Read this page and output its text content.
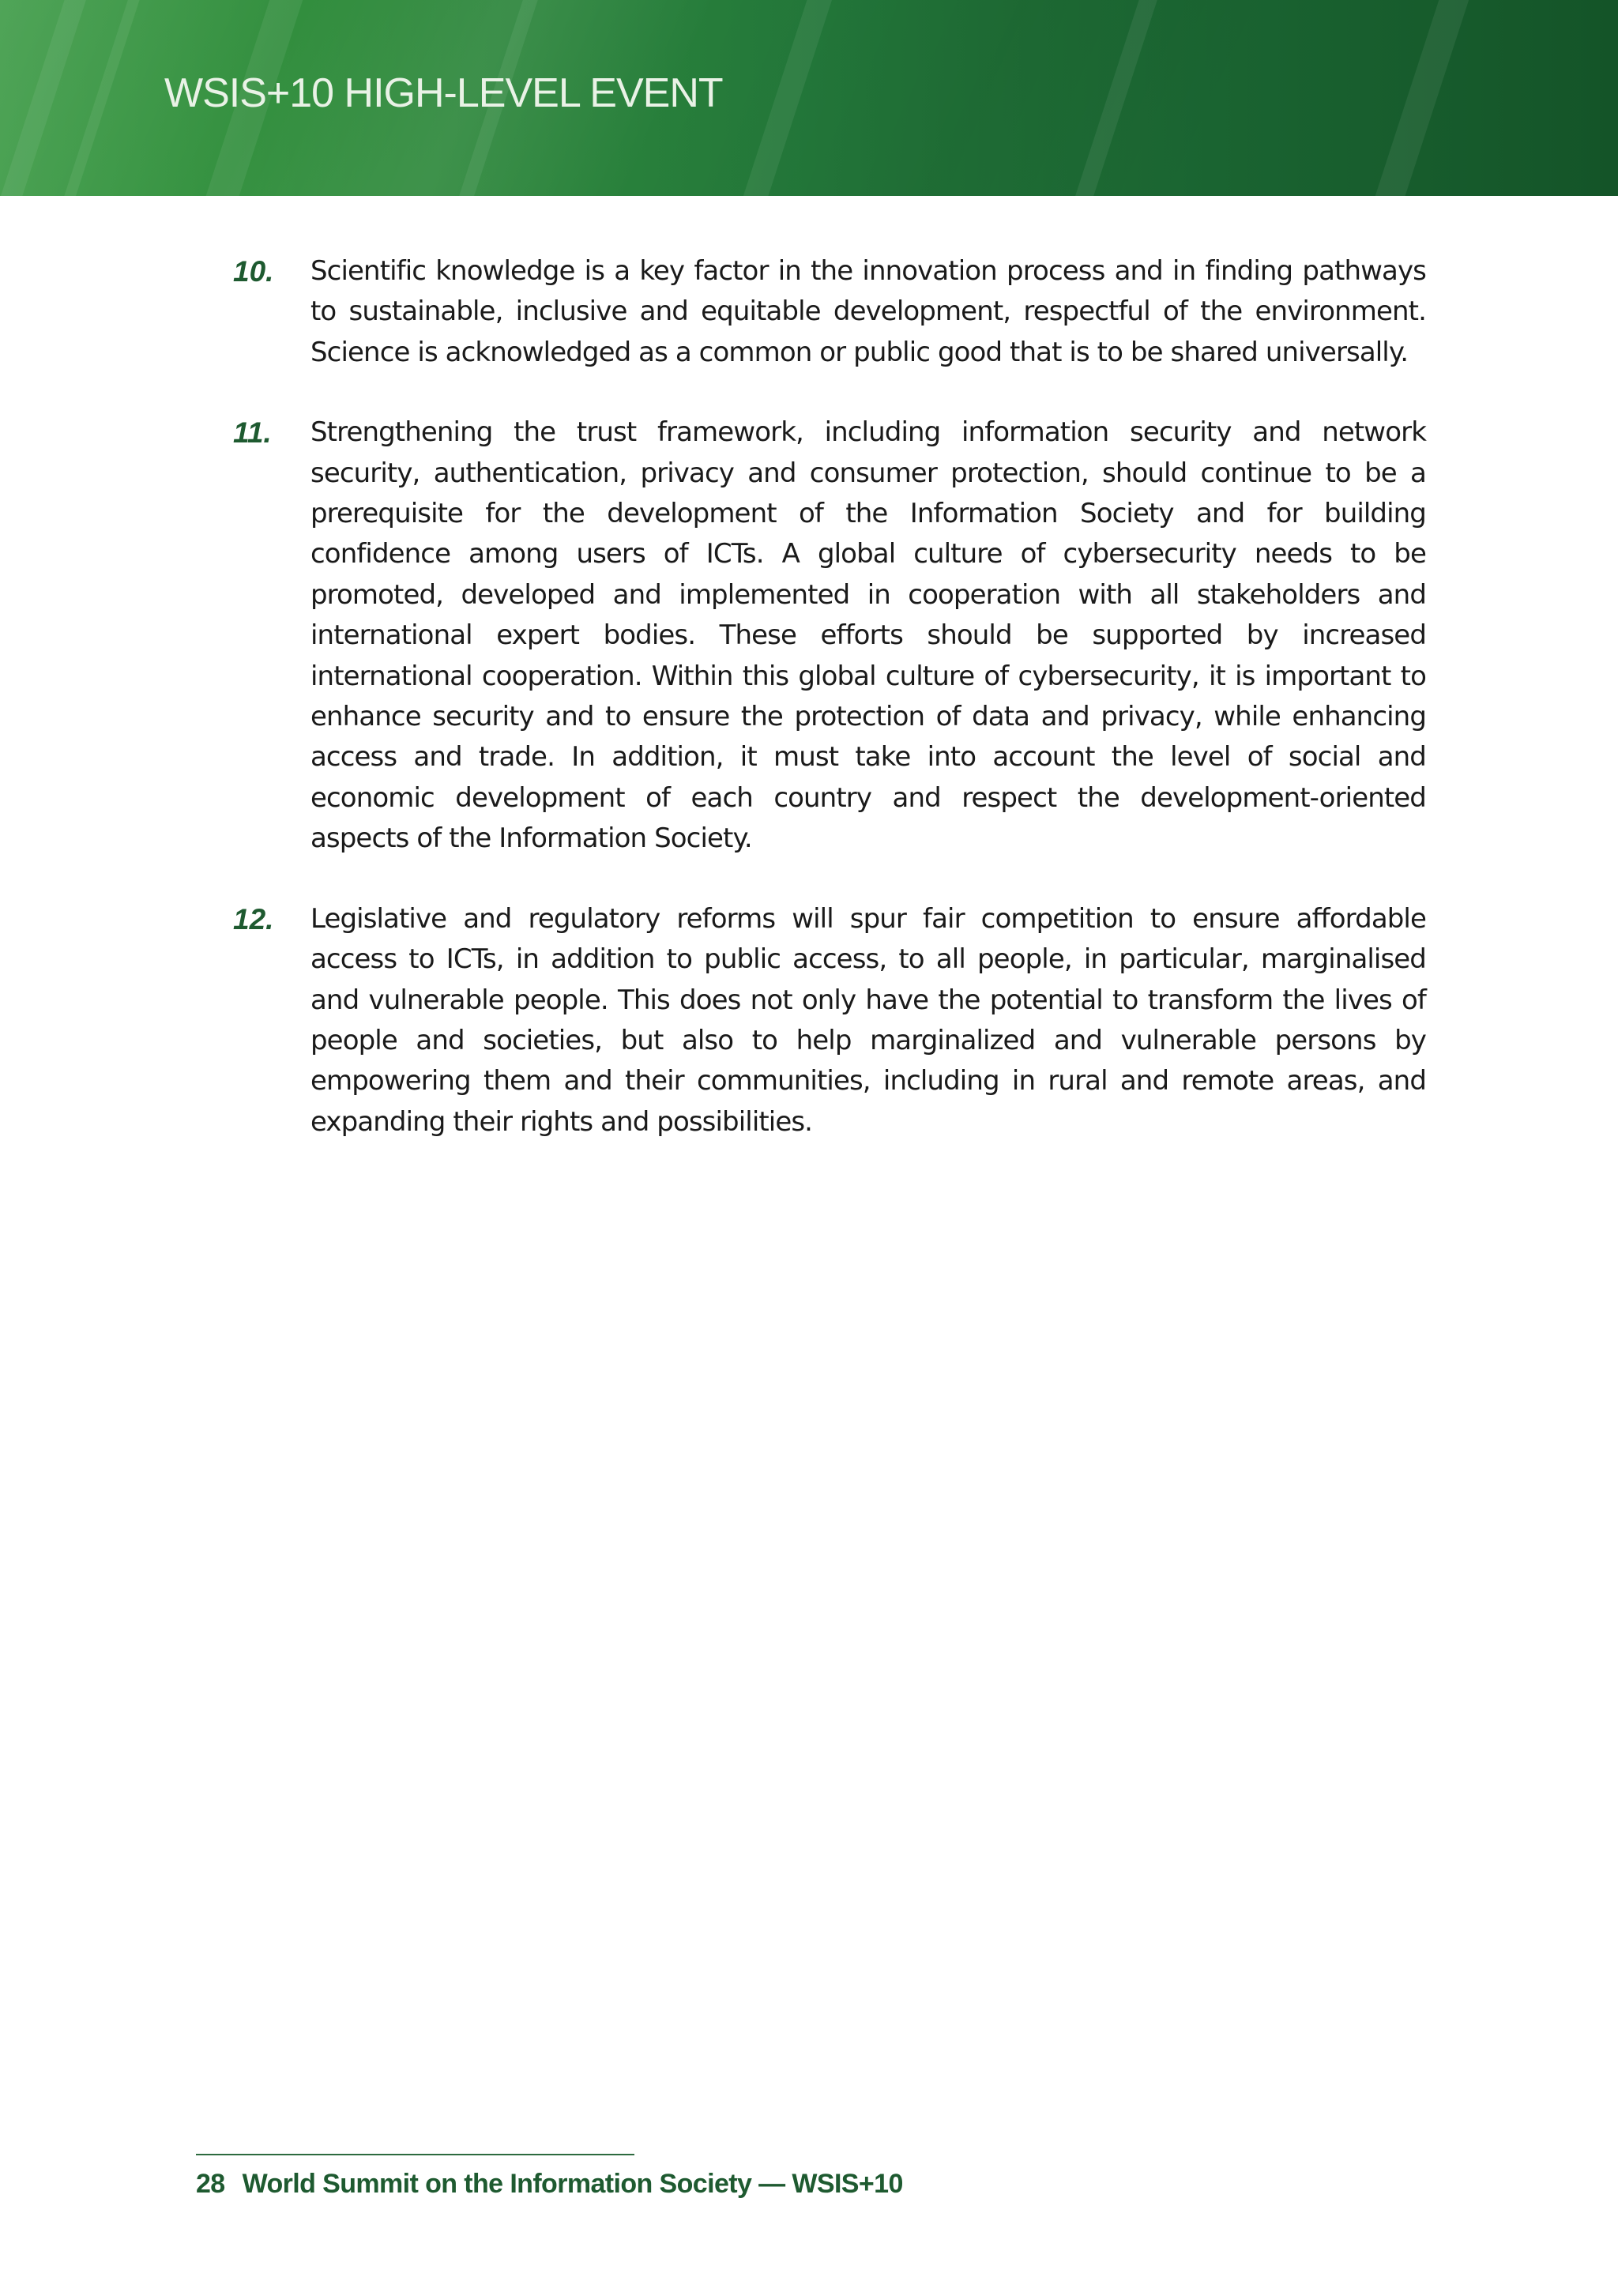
WSIS+10 HIGH-LEVEL EVENT
10. Scientific knowledge is a key factor in the innovation process and in finding pathways to sustainable, inclusive and equitable development, respectful of the environment. Science is acknowledged as a common or public good that is to be shared universally.
11. Strengthening the trust framework, including information security and network security, authentication, privacy and consumer protection, should continue to be a prerequisite for the development of the Information Society and for building confidence among users of ICTs. A global culture of cybersecurity needs to be promoted, developed and implemented in cooperation with all stakeholders and international expert bodies. These efforts should be supported by increased international cooperation. Within this global culture of cybersecurity, it is important to enhance security and to ensure the protection of data and privacy, while enhancing access and trade. In addition, it must take into account the level of social and economic development of each country and respect the development-oriented aspects of the Information Society.
12. Legislative and regulatory reforms will spur fair competition to ensure affordable access to ICTs, in addition to public access, to all people, in particular, marginalised and vulnerable people. This does not only have the potential to transform the lives of people and societies, but also to help marginalized and vulnerable persons by empowering them and their communities, including in rural and remote areas, and expanding their rights and possibilities.
28 World Summit on the Information Society — WSIS+10
